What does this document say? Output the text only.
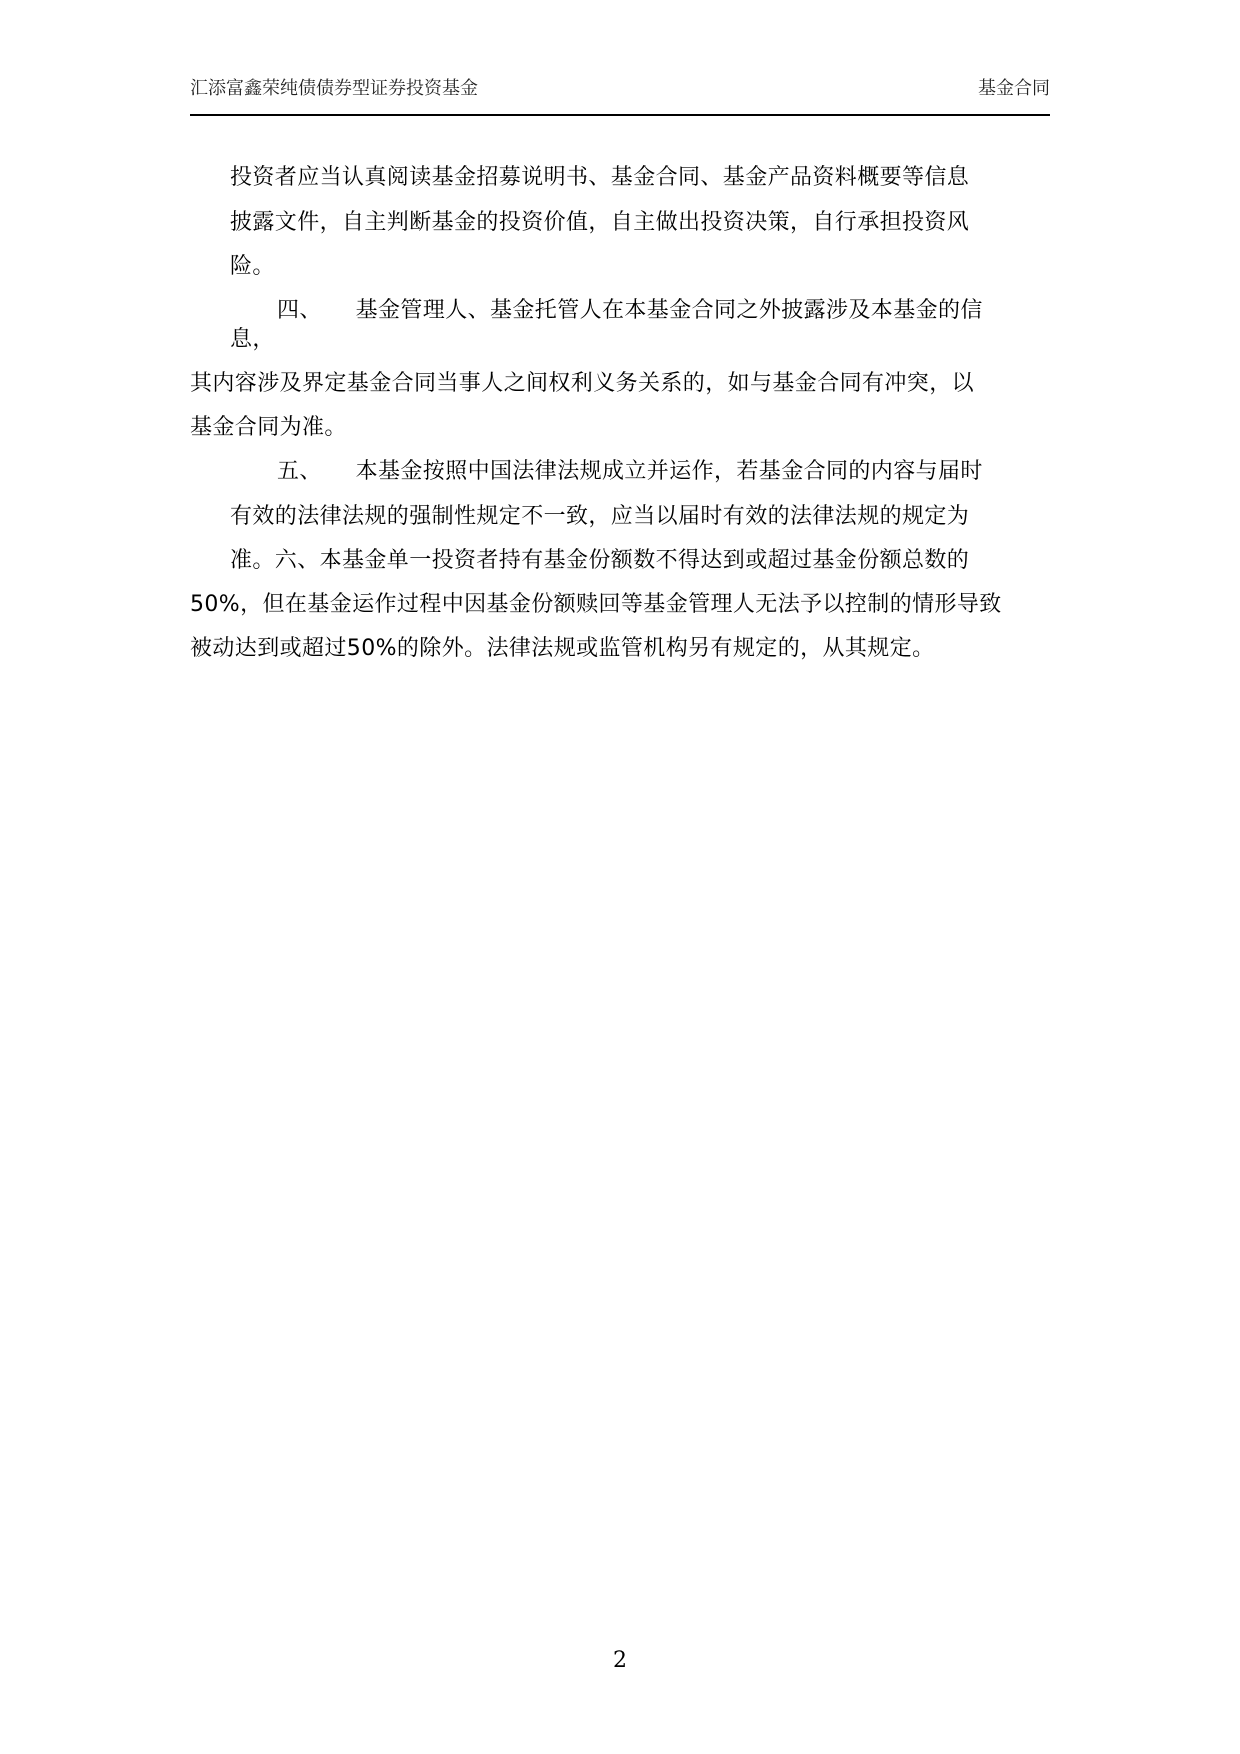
汇添富鑫荣纯债债券型证券投资基金	基金合同
投资者应当认真阅读基金招募说明书、基金合同、基金产品资料概要等信息
披露文件，自主判断基金的投资价值，自主做出投资决策，自行承担投资风
险。
四、　　基金管理人、基金托管人在本基金合同之外披露涉及本基金的信
息，
其内容涉及界定基金合同当事人之间权利义务关系的，如与基金合同有冲突，以
基金合同为准。
五、　　本基金按照中国法律法规成立并运作，若基金合同的内容与届时
有效的法律法规的强制性规定不一致，应当以届时有效的法律法规的规定为
准。六、本基金单一投资者持有基金份额数不得达到或超过基金份额总数的
50%，但在基金运作过程中因基金份额赎回等基金管理人无法予以控制的情形导致
被动达到或超过50%的除外。法律法规或监管机构另有规定的，从其规定。
2
